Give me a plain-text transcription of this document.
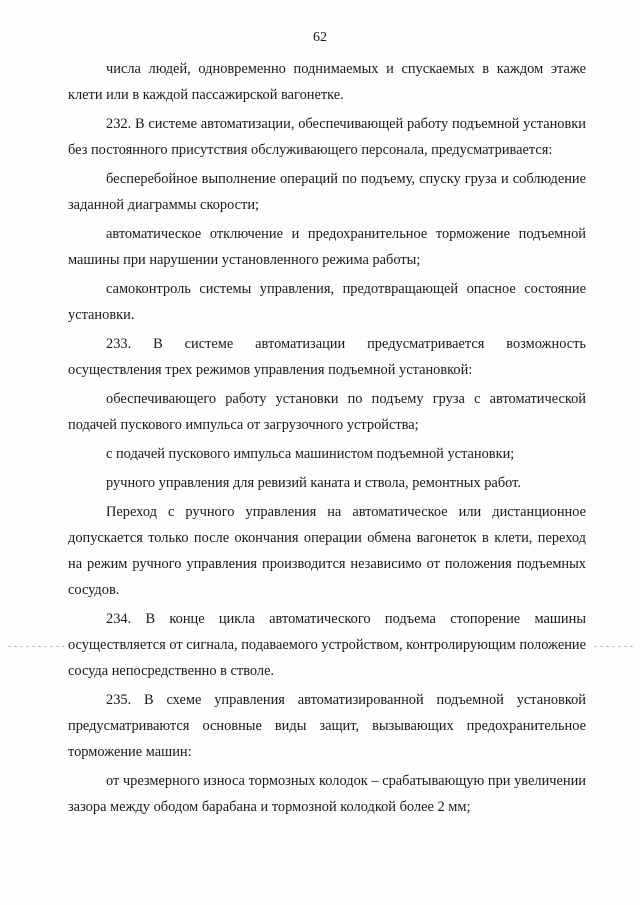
62

числа людей, одновременно поднимаемых и спускаемых в каждом этаже клети или в каждой пассажирской вагонетке.

232. В системе автоматизации, обеспечивающей работу подъемной установки без постоянного присутствия обслуживающего персонала, предусматривается:

бесперебойное выполнение операций по подъему, спуску груза и соблюдение заданной диаграммы скорости;

автоматическое отключение и предохранительное торможение подъемной машины при нарушении установленного режима работы;

самоконтроль системы управления, предотвращающей опасное состояние установки.

233. В системе автоматизации предусматривается возможность осуществления трех режимов управления подъемной установкой:

обеспечивающего работу установки по подъему груза с автоматической подачей пускового импульса от загрузочного устройства;

с подачей пускового импульса машинистом подъемной установки;

ручного управления для ревизий каната и ствола, ремонтных работ.

Переход с ручного управления на автоматическое или дистанционное допускается только после окончания операции обмена вагонеток в клети, переход на режим ручного управления производится независимо от положения подъемных сосудов.

234. В конце цикла автоматического подъема стопорение машины осуществляется от сигнала, подаваемого устройством, контролирующим положение сосуда непосредственно в стволе.

235. В схеме управления автоматизированной подъемной установкой предусматриваются основные виды защит, вызывающих предохранительное торможение машин:

от чрезмерного износа тормозных колодок – срабатывающую при увеличении зазора между ободом барабана и тормозной колодкой более 2 мм;
